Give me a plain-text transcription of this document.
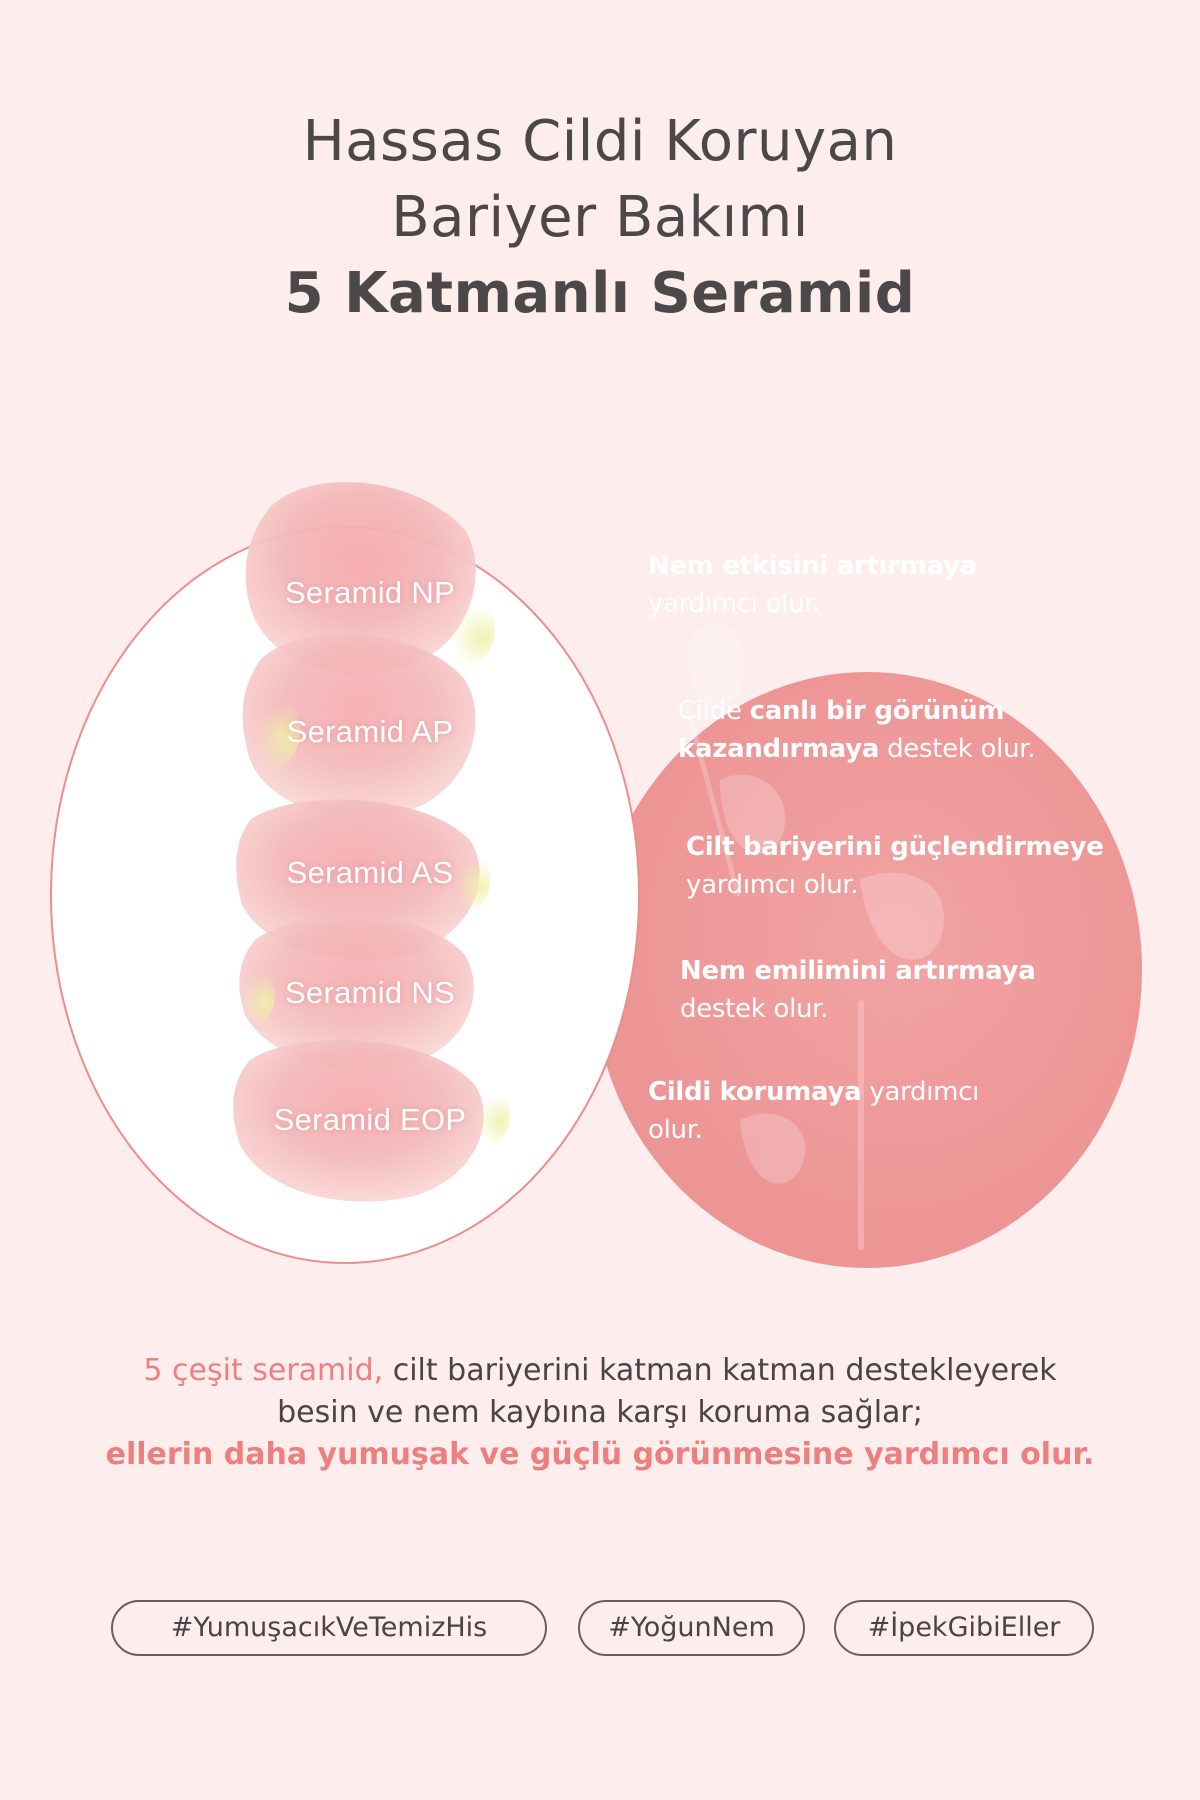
Hassas Cildi Koruyan
Bariyer Bakımı
5 Katmanlı Seramid
Seramid NP
Seramid AP
Seramid AS
Seramid NS
Seramid EOP
Nem etkisini artırmaya
yardımcı olur.
Cilde canlı bir görünüm
kazandırmaya destek olur.
Cilt bariyerini güçlendirmeye
yardımcı olur.
Nem emilimini artırmaya
destek olur.
Cildi korumaya yardımcı
olur.
5 çeşit seramid, cilt bariyerini katman katman destekleyerek
besin ve nem kaybına karşı koruma sağlar;
ellerin daha yumuşak ve güçlü görünmesine yardımcı olur.
#YumuşacıkVeTemizHis	#YoğunNem	#İpekGibiEller
